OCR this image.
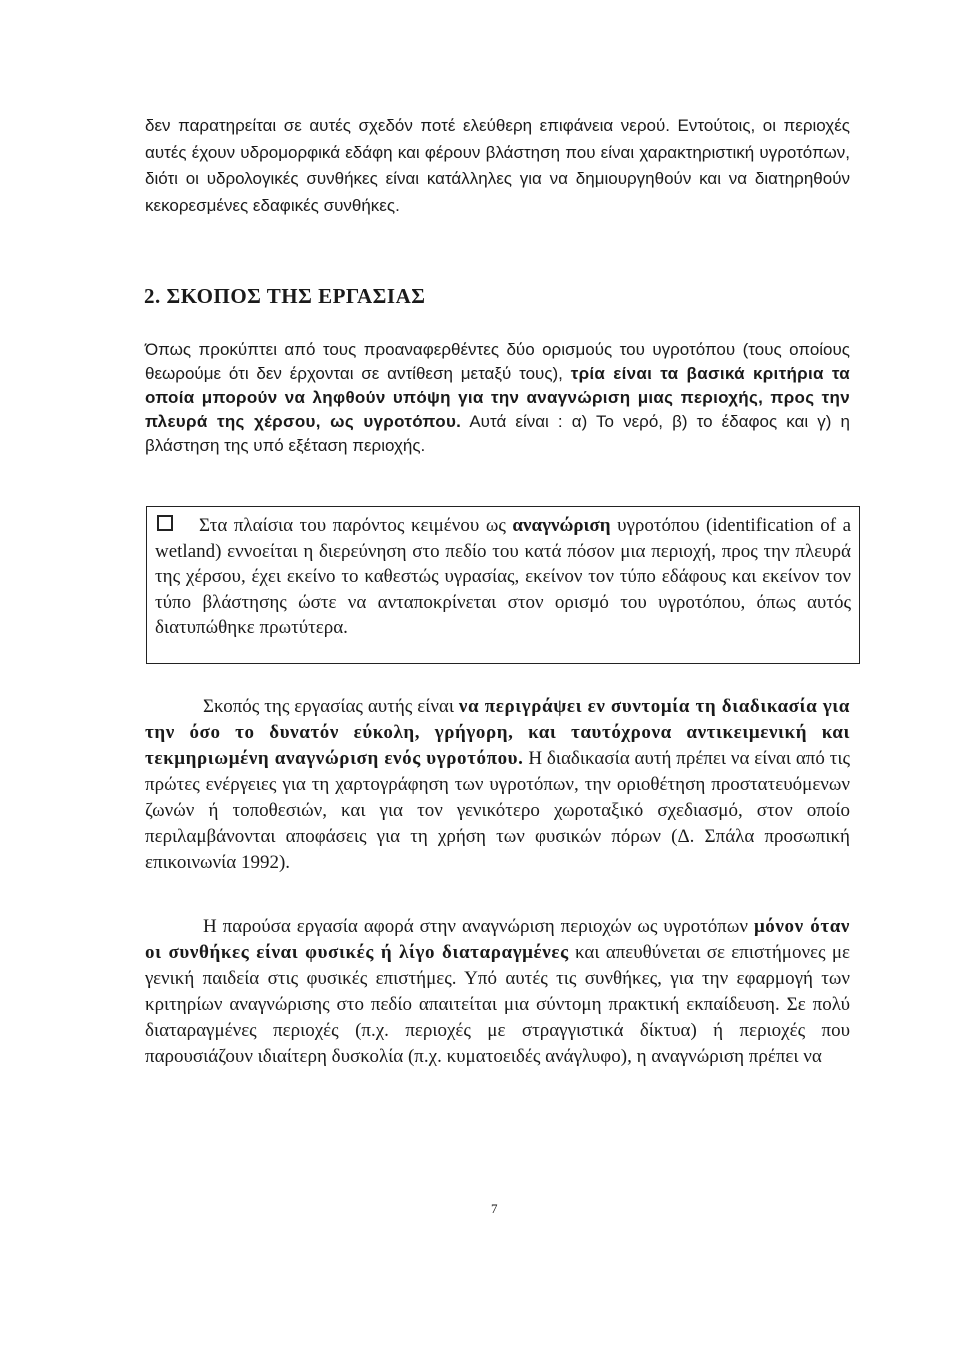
δεν παρατηρείται σε αυτές σχεδόν ποτέ ελεύθερη επιφάνεια νερού. Εντούτοις, οι περιοχές αυτές έχουν υδρομορφικά εδάφη και φέρουν βλάστηση που είναι χαρακτηριστική υγροτόπων, διότι οι υδρολογικές συνθήκες είναι κατάλληλες για να δημιουργηθούν και να διατηρηθούν κεκορεσμένες εδαφικές συνθήκες.

2. ΣΚΟΠΟΣ ΤΗΣ ΕΡΓΑΣΙΑΣ

Όπως προκύπτει από τους προαναφερθέντες δύο ορισμούς του υγροτόπου (τους οποίους θεωρούμε ότι δεν έρχονται σε αντίθεση μεταξύ τους), τρία είναι τα βασικά κριτήρια τα οποία μπορούν να ληφθούν υπόψη για την αναγνώριση μιας περιοχής, προς την πλευρά της χέρσου, ως υγροτόπου. Αυτά είναι : α) Το νερό, β) το έδαφος και γ) η βλάστηση της υπό εξέταση περιοχής.

Στα πλαίσια του παρόντος κειμένου ως αναγνώριση υγροτόπου (identification of a wetland) εννοείται η διερεύνηση στο πεδίο του κατά πόσον μια περιοχή, προς την πλευρά της χέρσου, έχει εκείνο το καθεστώς υγρασίας, εκείνον τον τύπο εδάφους και εκείνον τον τύπο βλάστησης ώστε να ανταποκρίνεται στον ορισμό του υγροτόπου, όπως αυτός διατυπώθηκε πρωτύτερα.

Σκοπός της εργασίας αυτής είναι να περιγράψει εν συντομία τη διαδικασία για την όσο το δυνατόν εύκολη, γρήγορη, και ταυτόχρονα αντικειμενική και τεκμηριωμένη αναγνώριση ενός υγροτόπου. Η διαδικασία αυτή πρέπει να είναι από τις πρώτες ενέργειες για τη χαρτογράφηση των υγροτόπων, την οριοθέτηση προστατευόμενων ζωνών ή τοποθεσιών, και για τον γενικότερο χωροταξικό σχεδιασμό, στον οποίο περιλαμβάνονται αποφάσεις για τη χρήση των φυσικών πόρων (Δ. Σπάλα προσωπική επικοινωνία 1992).

Η παρούσα εργασία αφορά στην αναγνώριση περιοχών ως υγροτόπων μόνον όταν οι συνθήκες είναι φυσικές ή λίγο διαταραγμένες και απευθύνεται σε επιστήμονες με γενική παιδεία στις φυσικές επιστήμες. Υπό αυτές τις συνθήκες, για την εφαρμογή των κριτηρίων αναγνώρισης στο πεδίο απαιτείται μια σύντομη πρακτική εκπαίδευση. Σε πολύ διαταραγμένες περιοχές (π.χ. περιοχές με στραγγιστικά δίκτυα) ή περιοχές που παρουσιάζουν ιδιαίτερη δυσκολία (π.χ. κυματοειδές ανάγλυφο), η αναγνώριση πρέπει να

7
